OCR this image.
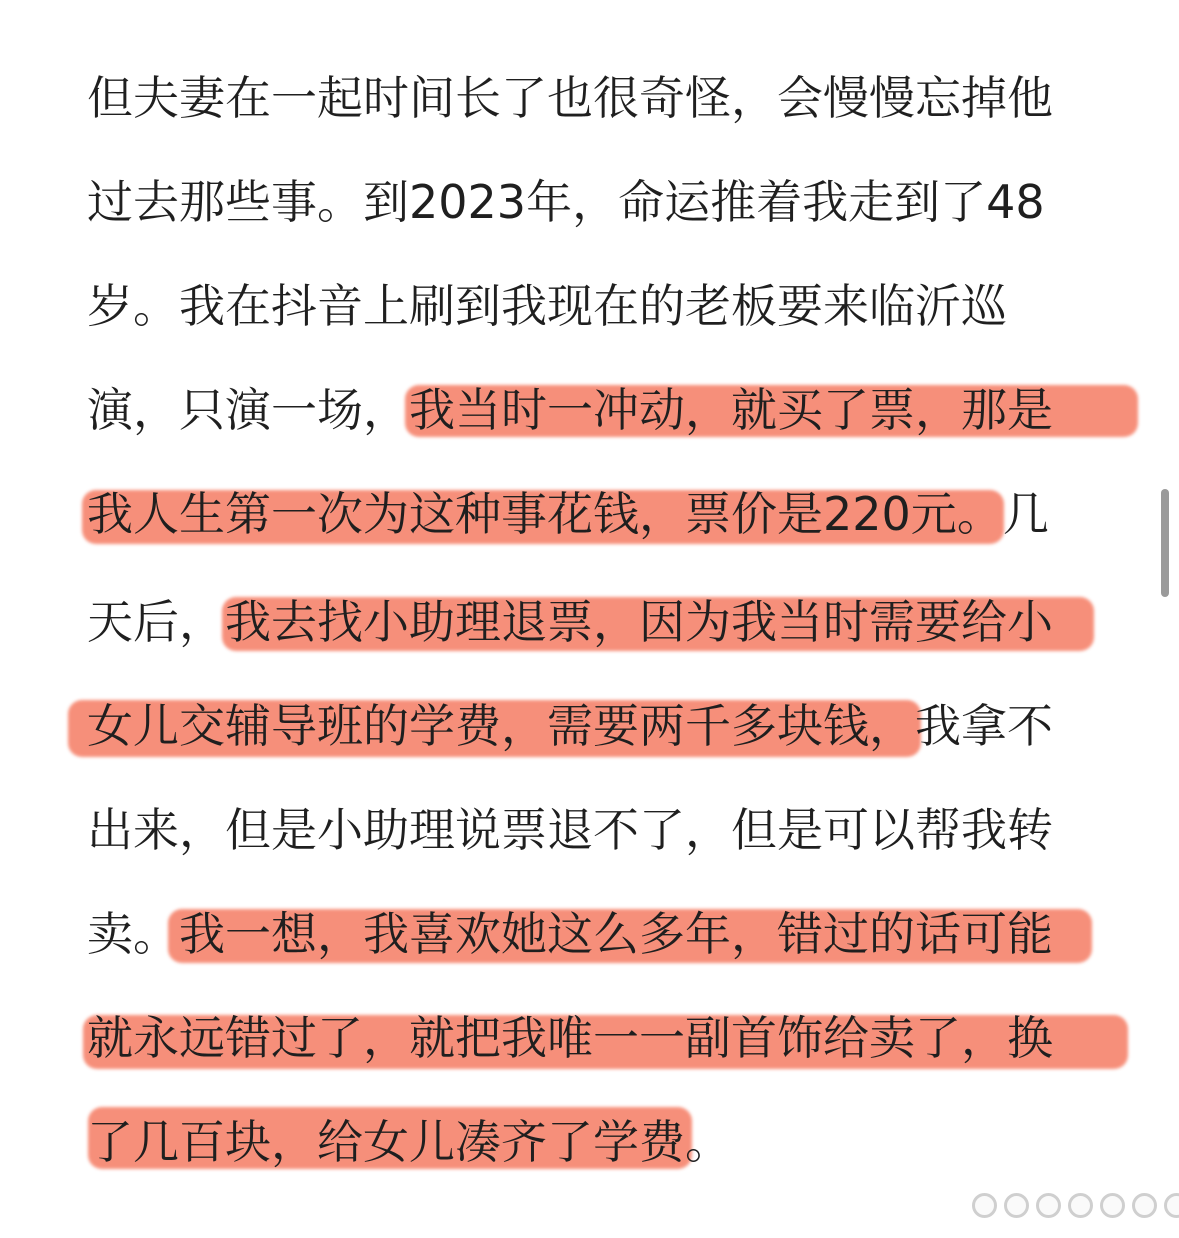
但夫妻在一起时间长了也很奇怪，会慢慢忘掉他
过去那些事。到2023年，命运推着我走到了48
岁。我在抖音上刷到我现在的老板要来临沂巡
演，只演一场， 我当时一冲动，就买了票，那是
我人生第一次为这种事花钱，票价是220元 。几
天后， 我去找小助理退票，因为我当时需要给小
女儿交辅导班的学费，需要两千多块钱， 我拿不
出来，但是小助理说票退不了，但是可以帮我转
卖。 我一想，我喜欢她这么多年，错过的话可能
就永远错过了，就把我唯一一副首饰给卖了，换
了几百块，给女儿凑齐了学费 。
